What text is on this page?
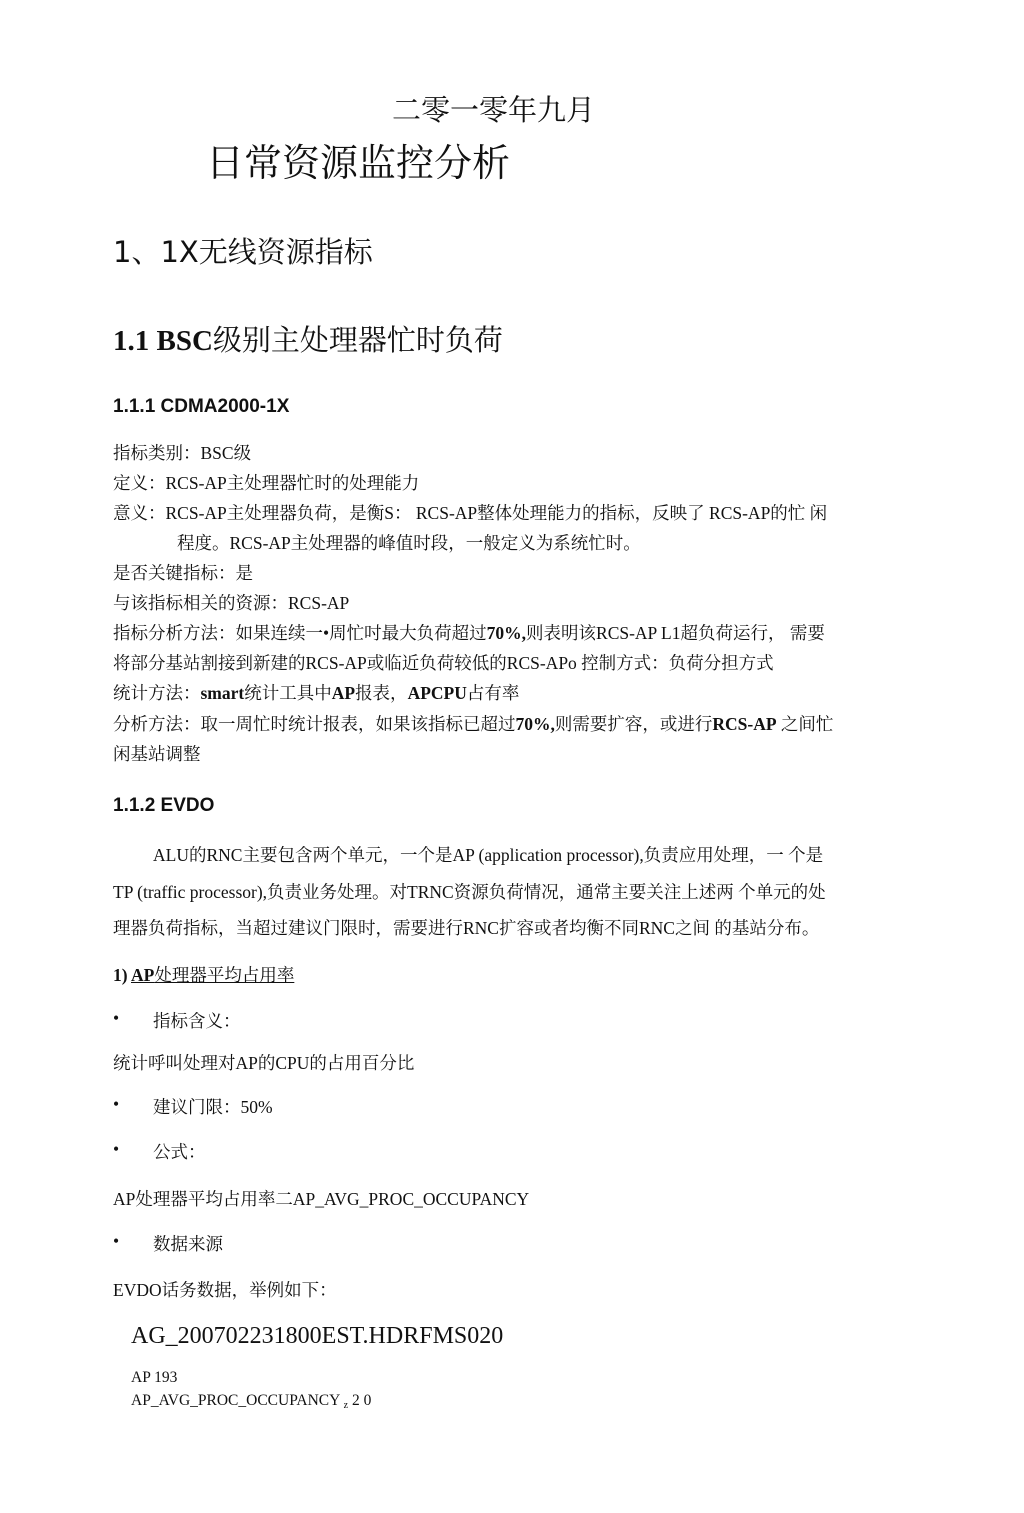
二零一零年九月
日常资源监控分析
1、1X无线资源指标
1.1 BSC级别主处理器忙时负荷
1.1.1 CDMA2000-1X
指标类别：BSC级
定义：RCS-AP主处理器忙时的处理能力
意义：RCS-AP主处理器负荷，是衡S： RCS-AP整体处理能力的指标，反映了 RCS-AP的忙 闲
程度。RCS-AP主处理器的峰值时段，一般定义为系统忙时。
是否关键指标：是
与该指标相关的资源：RCS-AP
指标分析方法：如果连续一•周忙吋最大负荷超过70%,则表明该RCS-AP L1超负荷运行， 需要
将部分基站割接到新建的RCS-AP或临近负荷较低的RCS-APo 控制方式：负荷分担方式
统计方法：smart统计工具中AP报表，APCPU占有率
分析方法：取一周忙时统计报表，如果该指标已超过70%,则需要扩容，或进行RCS-AP 之间忙
闲基站调整
1.1.2 EVDO
ALU的RNC主要包含两个单元，一个是AP (application processor),负责应用处理，一 个是
TP (traffic processor),负责业务处理。对TRNC资源负荷情况，通常主要关注上述两 个单元的处
理器负荷指标，当超过建议门限时，需要进行RNC扩容或者均衡不同RNC之间 的基站分布。
1) AP处理器平均占用率
• 指标含义：
统计呼叫处理对AP的CPU的占用百分比
• 建议门限：50%
• 公式：
AP处理器平均占用率二AP_AVG_PROC_OCCUPANCY
• 数据来源
EVDO话务数据，举例如下：
AG_200702231800EST.HDRFMS020
AP 193
AP_AVG_PROC_OCCUPANCY $_z$ 2 0
